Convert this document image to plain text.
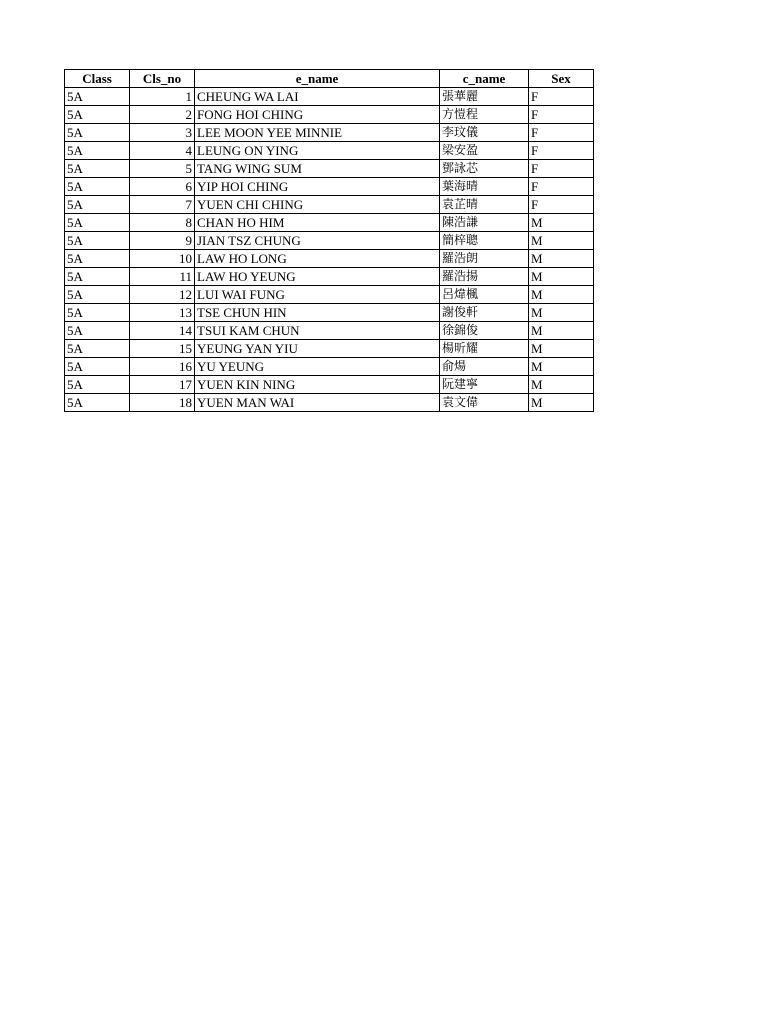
Class	Cls_no	e_name	c_name	Sex
5A	1	CHEUNG WA LAI	張華麗	F
5A	2	FONG HOI CHING	方愷程	F
5A	3	LEE MOON YEE MINNIE	李玟儀	F
5A	4	LEUNG ON YING	梁安盈	F
5A	5	TANG WING SUM	鄧詠芯	F
5A	6	YIP HOI CHING	葉海晴	F
5A	7	YUEN CHI CHING	袁芷晴	F
5A	8	CHAN HO HIM	陳浩謙	M
5A	9	JIAN TSZ CHUNG	簡梓聰	M
5A	10	LAW HO LONG	羅浩朗	M
5A	11	LAW HO YEUNG	羅浩揚	M
5A	12	LUI WAI FUNG	呂煒楓	M
5A	13	TSE CHUN HIN	謝俊軒	M
5A	14	TSUI KAM CHUN	徐錦俊	M
5A	15	YEUNG YAN YIU	楊昕耀	M
5A	16	YU YEUNG	俞煬	M
5A	17	YUEN KIN NING	阮建寧	M
5A	18	YUEN MAN WAI	袁文偉	M
